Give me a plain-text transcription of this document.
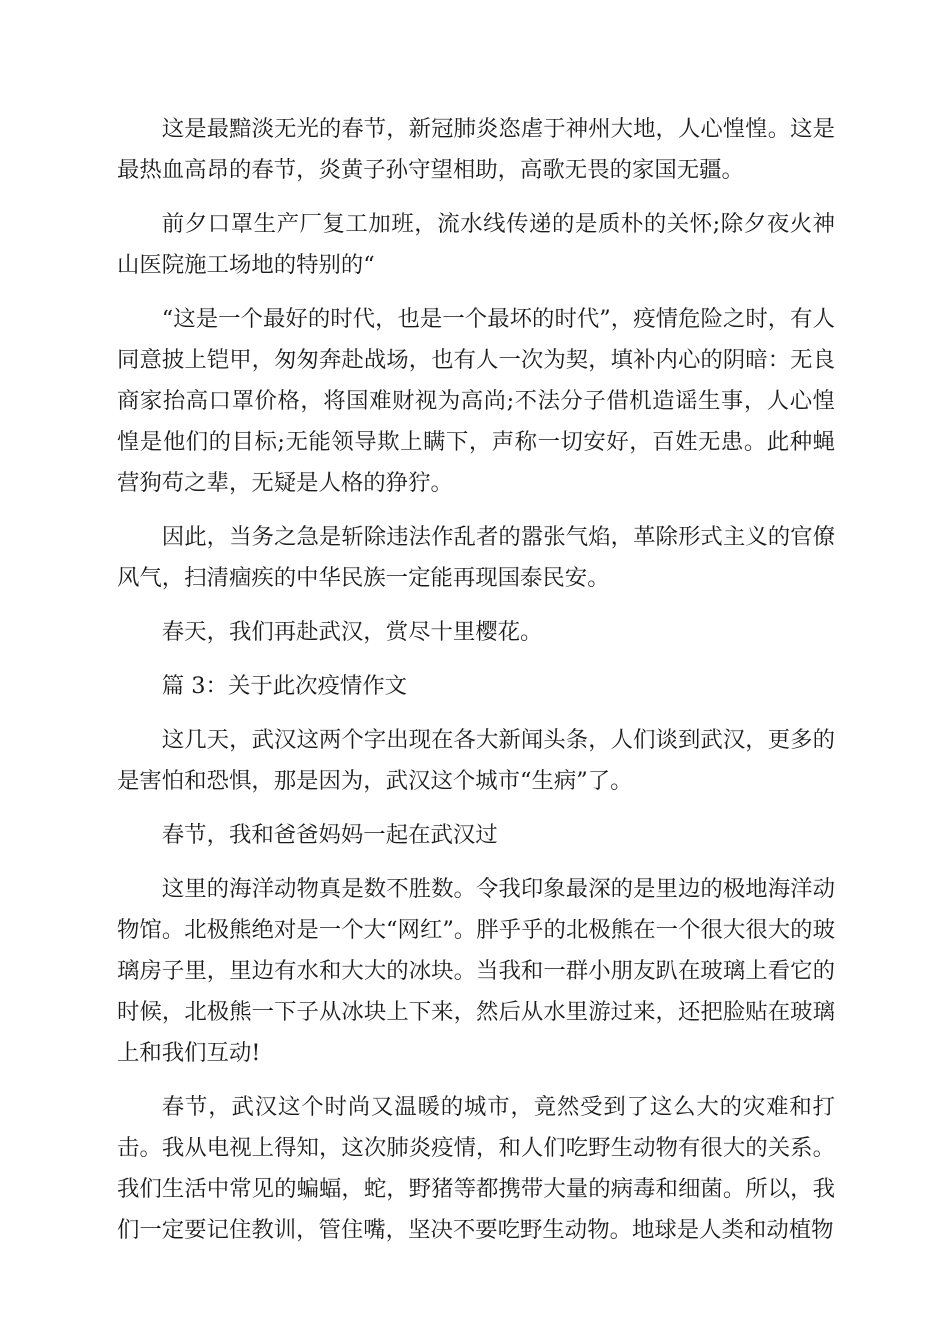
这是最黯淡无光的春节，新冠肺炎恣虐于神州大地，人心惶惶。这是最热血高昂的春节，炎黄子孙守望相助，高歌无畏的家国无疆。

前夕口罩生产厂复工加班，流水线传递的是质朴的关怀;除夕夜火神山医院施工场地的特别的“

“这是一个最好的时代，也是一个最坏的时代”，疫情危险之时，有人同意披上铠甲，匆匆奔赴战场，也有人一次为契，填补内心的阴暗：无良商家抬高口罩价格，将国难财视为高尚;不法分子借机造谣生事，人心惶惶是他们的目标;无能领导欺上瞒下，声称一切安好，百姓无患。此种蝇营狗苟之辈，无疑是人格的狰狞。

因此，当务之急是斩除违法作乱者的嚣张气焰，革除形式主义的官僚风气，扫清痼疾的中华民族一定能再现国泰民安。

春天，我们再赴武汉，赏尽十里樱花。

篇 3：关于此次疫情作文

这几天，武汉这两个字出现在各大新闻头条，人们谈到武汉，更多的是害怕和恐惧，那是因为，武汉这个城市“生病”了。

春节，我和爸爸妈妈一起在武汉过

这里的海洋动物真是数不胜数。令我印象最深的是里边的极地海洋动物馆。北极熊绝对是一个大“网红”。胖乎乎的北极熊在一个很大很大的玻璃房子里，里边有水和大大的冰块。当我和一群小朋友趴在玻璃上看它的时候，北极熊一下子从冰块上下来，然后从水里游过来，还把脸贴在玻璃上和我们互动!

春节，武汉这个时尚又温暖的城市，竟然受到了这么大的灾难和打击。我从电视上得知，这次肺炎疫情，和人们吃野生动物有很大的关系。我们生活中常见的蝙蝠，蛇，野猪等都携带大量的病毒和细菌。所以，我们一定要记住教训，管住嘴，坚决不要吃野生动物。地球是人类和动植物
